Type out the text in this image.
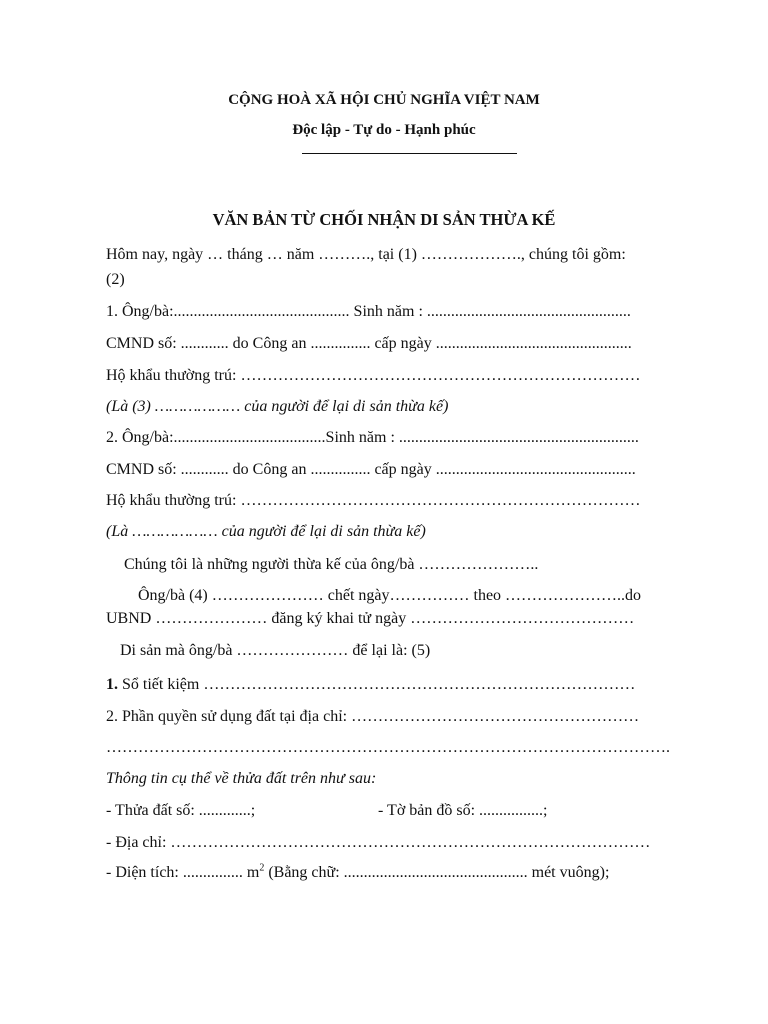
CỘNG HOÀ XÃ HỘI CHỦ NGHĨA VIỆT NAM
Độc lập - Tự do - Hạnh phúc
VĂN BẢN TỪ CHỐI NHẬN DI SẢN THỪA KẾ
Hôm nay, ngày … tháng … năm ………., tại (1) ………………., chúng tôi gồm:
(2)
1. Ông/bà:............................................ Sinh năm : ...................................................
CMND số: ............ do Công an ............... cấp ngày .................................................
Hộ khẩu thường trú: …………………………………………………………………
(Là (3) ……………… của người để lại di sản thừa kế)
2. Ông/bà:......................................Sinh năm : ............................................................
CMND số: ............ do Công an ............... cấp ngày ..................................................
Hộ khẩu thường trú: …………………………………………………………………
(Là ……………… của người để lại di sản thừa kế)
Chúng tôi là những người thừa kế của ông/bà …………………..
Ông/bà (4) ………………… chết ngày…………… theo …………………..do
UBND ………………… đăng ký khai tử ngày ……………………………………
Di sản mà ông/bà ………………… để lại là: (5)
1. Sổ tiết kiệm ………………………………………………………………………
2. Phần quyền sử dụng đất tại địa chỉ: ………………………………………………
…………………………………………………………………………………………….
Thông tin cụ thể về thửa đất trên như sau:
- Thửa đất số: .............;	- Tờ bản đồ số: ................;
- Địa chỉ: ………………………………………………………………………………
- Diện tích: ............... $m^2$ (Bằng chữ: .............................................. mét vuông);
